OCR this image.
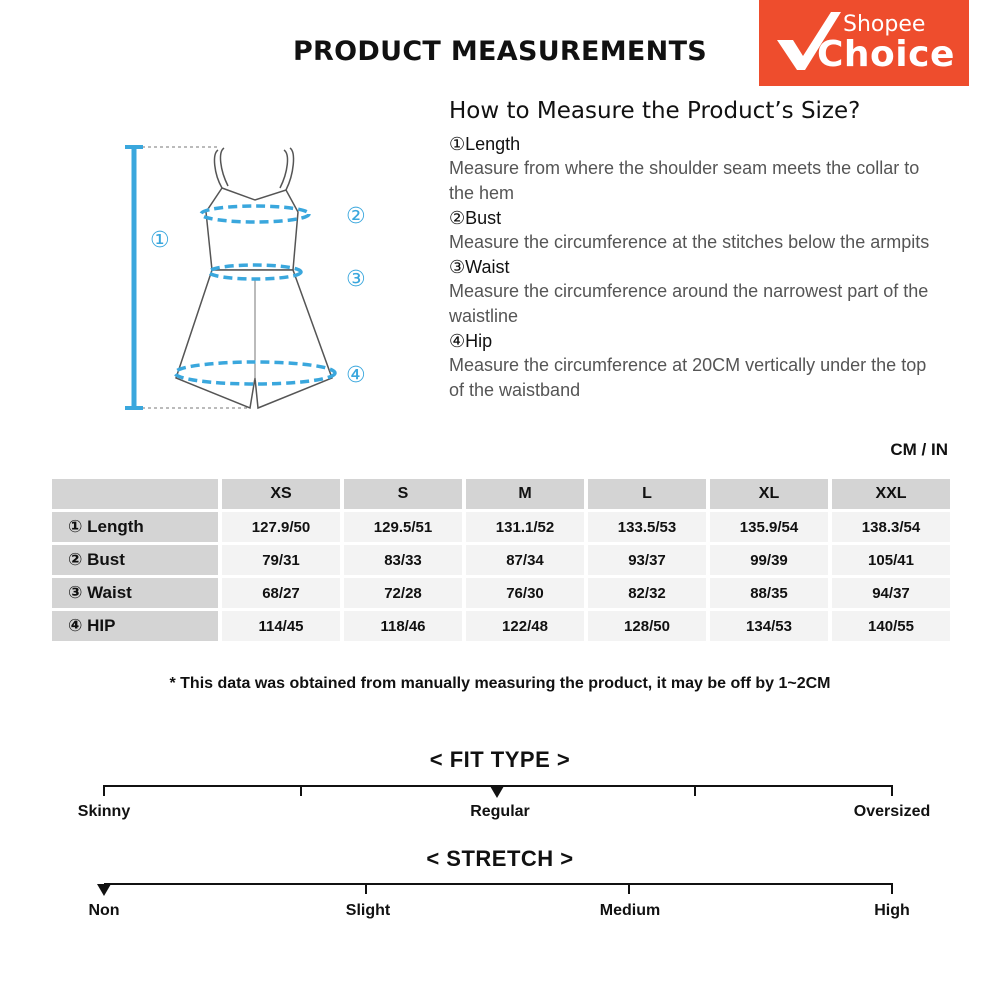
PRODUCT MEASUREMENTS
Shopee
Choice
①
②
③
④
How to Measure the Product’s Size?
①Length
Measure from where the shoulder seam meets the collar to the hem
②Bust
Measure the circumference at the stitches below the armpits
③Waist
Measure the circumference around the narrowest part of the waistline
④Hip
Measure the circumference at 20CM vertically under the top of the waistband
CM / IN
	XS	S	M	L	XL	XXL
① Length	127.9/50	129.5/51	131.1/52	133.5/53	135.9/54	138.3/54
② Bust	79/31	83/33	87/34	93/37	99/39	105/41
③ Waist	68/27	72/28	76/30	82/32	88/35	94/37
④ HIP	114/45	118/46	122/48	128/50	134/53	140/55
* This data was obtained from manually measuring the product, it may be off by 1~2CM
< FIT TYPE >
Skinny	Regular	Oversized
< STRETCH >
Non	Slight	Medium	High
